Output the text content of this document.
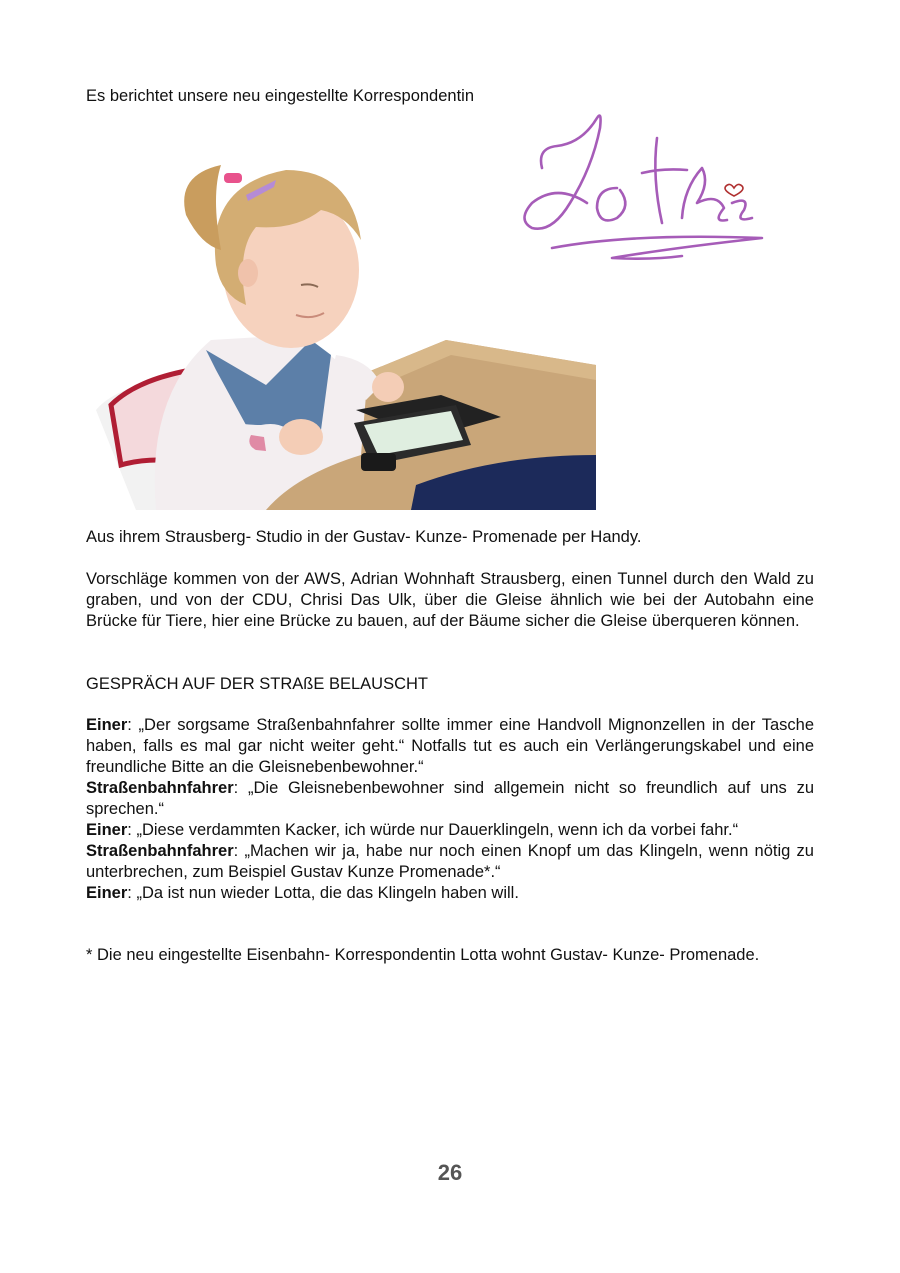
Es berichtet unsere neu eingestellte Korrespondentin
Aus ihrem Strausberg- Studio in der Gustav- Kunze- Promenade per Handy.
Vorschläge kommen von der AWS, Adrian Wohnhaft Strausberg, einen Tunnel durch den Wald zu graben, und von der CDU, Chrisi Das Ulk, über die Gleise ähnlich wie bei der Autobahn eine Brücke für Tiere, hier eine Brücke zu bauen, auf der Bäume sicher die Gleise überqueren können.
GESPRÄCH AUF DER STRAßE BELAUSCHT
Einer: „Der sorgsame Straßenbahnfahrer sollte immer eine Handvoll Mignonzellen in der Tasche haben, falls es mal gar nicht weiter geht.“ Notfalls tut es auch ein Verlängerungskabel und eine freundliche Bitte an die Gleisnebenbewohner.“
Straßenbahnfahrer: „Die Gleisnebenbewohner sind allgemein nicht so freundlich auf uns zu sprechen.“
Einer: „Diese verdammten Kacker, ich würde nur Dauerklingeln, wenn ich da vorbei fahr.“
Straßenbahnfahrer: „Machen wir ja, habe nur noch einen Knopf um das Klingeln, wenn nötig zu unterbrechen, zum Beispiel Gustav Kunze Promenade*.“
Einer: „Da ist nun wieder Lotta, die das Klingeln haben will.
* Die neu eingestellte Eisenbahn- Korrespondentin Lotta wohnt Gustav- Kunze- Promenade.
26
